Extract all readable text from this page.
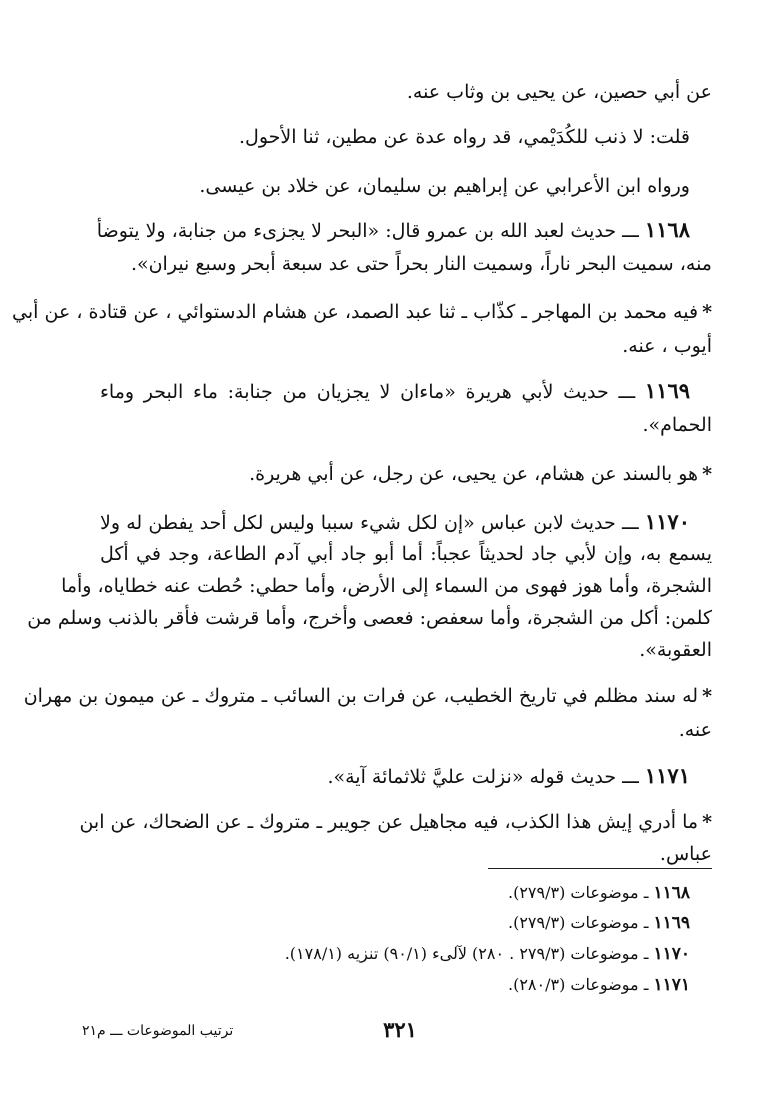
عن أبي حصين، عن يحيى بن وثاب عنه.
قلت: لا ذنب للكُدَيْمي، قد رواه عدة عن مطين، ثنا الأحول.
ورواه ابن الأعرابي عن إبراهيم بن سليمان، عن خلاد بن عيسى.
١١٦٨ ـــ حديث لعبد الله بن عمرو قال: «البحر لا يجزىء من جنابة، ولا يتوضأ
منه، سميت البحر ناراً، وسميت النار بحراً حتى عد سبعة أبحر وسبع نيران».
*فيه محمد بن المهاجر ـ كذّاب ـ ثنا عبد الصمد، عن هشام الدستوائي ، عن قتادة ، عن أبي
أيوب ، عنه.
١١٦٩ ـــ حديث لأبي هريرة «ماءان لا يجزيان من جنابة: ماء البحر وماء
الحمام».
*هو بالسند عن هشام، عن يحيى، عن رجل، عن أبي هريرة.
١١٧٠ ـــ حديث لابن عباس «إن لكل شيء سببا وليس لكل أحد يفطن له ولا
يسمع به، وإن لأبي جاد لحديثاً عجباً: أما أبو جاد أبي آدم الطاعة، وجد في أكل
الشجرة، وأما هوز فهوى من السماء إلى الأرض، وأما حطي: حُطت عنه خطاياه، وأما
كلمن: أكل من الشجرة، وأما سعفص: فعصى وأخرج، وأما قرشت فأقر بالذنب وسلم من
العقوبة».
*له سند مظلم في تاريخ الخطيب، عن فرات بن السائب ـ متروك ـ عن ميمون بن مهران
عنه.
١١٧١ ـــ حديث قوله «نزلت عليَّ ثلاثمائة آية».
*ما أدري إيش هذا الكذب، فيه مجاهيل عن جويبر ـ متروك ـ عن الضحاك، عن ابن
عباس.
١١٦٨ ـ موضوعات (٢٧٩/٣).
١١٦٩ ـ موضوعات (٢٧٩/٣).
١١٧٠ ـ موضوعات (٢٧٩/٣ . ٢٨٠) لآلىء (٩٠/١) تنزيه (١٧٨/١).
١١٧١ ـ موضوعات (٢٨٠/٣).
٣٢١
ترتيب الموضوعات ـــ م٢١
